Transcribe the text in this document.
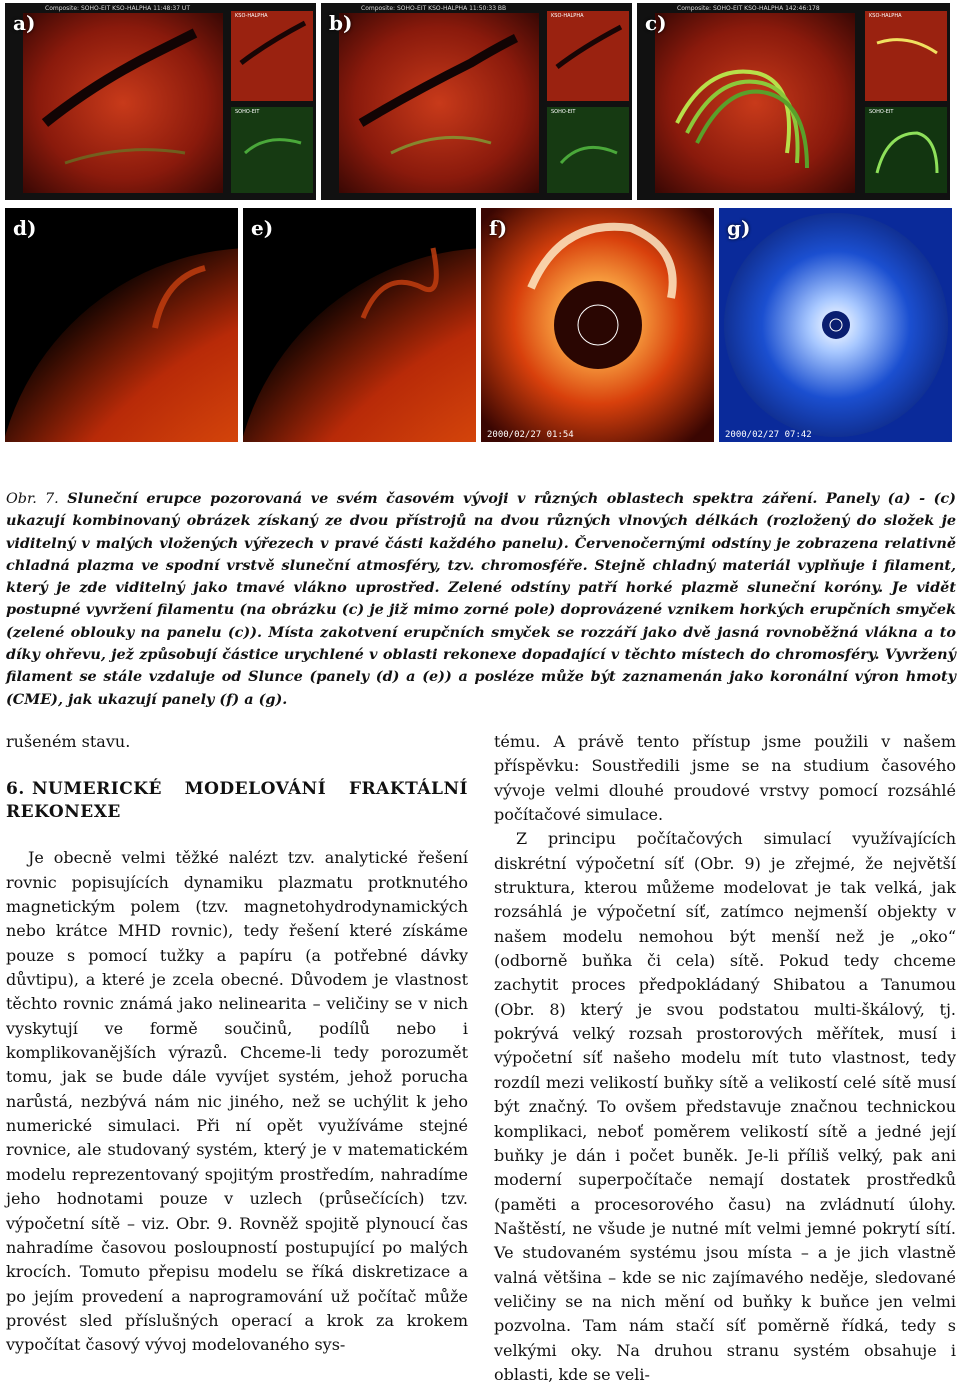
Composite: SOHO-EIT KSO-HALPHA 11:48:37 UT
a)	KSO-HALPHA
SOHO-EIT
Composite: SOHO-EIT KSO-HALPHA 11:50:33 BB
b)	KSO-HALPHA
SOHO-EIT
Composite: SOHO-EIT KSO-HALPHA 142:46:178
c)	KSO-HALPHA
SOHO-EIT
d)	e)	f)
2000/02/27 01:54
g)
2000/02/27 07:42
Obr. 7. Sluneční erupce pozorovaná ve svém časovém vývoji v různých oblastech spektra záření. Panely (a) - (c) ukazují kombinovaný obrázek získaný ze dvou přístrojů na dvou různých vlnových délkách (rozložený do složek je viditelný v malých vložených výřezech v pravé části každého panelu). Červenočernými odstíny je zobrazena relativně chladná plazma ve spodní vrstvě sluneční atmosféry, tzv. chromosféře. Stejně chladný materiál vyplňuje i filament, který je zde viditelný jako tmavé vlákno uprostřed. Zelené odstíny patří horké plazmě sluneční koróny. Je vidět postupné vyvržení filamentu (na obrázku (c) je již mimo zorné pole) doprovázené vznikem horkých erupčních smyček (zelené oblouky na panelu (c)). Místa zakotvení erupčních smyček se rozzáří jako dvě jasná rovnoběžná vlákna a to díky ohřevu, jež způsobují částice urychlené v oblasti rekonexe dopadající v těchto místech do chromosféry. Vyvržený filament se stále vzdaluje od Slunce (panely (d) a (e)) a posléze může být zaznamenán jako koronální výron hmoty (CME), jak ukazují panely (f) a (g).

rušeném stavu.

6. NUMERICKÉ MODELOVÁNÍ FRAKTÁLNÍ REKONEXE

Je obecně velmi těžké nalézt tzv. analytické řešení rovnic popisujících dynamiku plazmatu protknutého magnetickým polem (tzv. magnetohydrodynamických nebo krátce MHD rovnic), tedy řešení které získáme pouze s pomocí tužky a papíru (a potřebné dávky důvtipu), a které je zcela obecné. Důvodem je vlastnost těchto rovnic známá jako nelinearita – veličiny se v nich vyskytují ve formě součinů, podílů nebo i komplikovanějších výrazů. Chceme-li tedy porozumět tomu, jak se bude dále vyvíjet systém, jehož porucha narůstá, nezbývá nám nic jiného, než se uchýlit k jeho numerické simulaci. Při ní opět využíváme stejné rovnice, ale studovaný systém, který je v matematickém modelu reprezentovaný spojitým prostředím, nahradíme jeho hodnotami pouze v uzlech (průsečících) tzv. výpočetní sítě – viz. Obr. 9. Rovněž spojitě plynoucí čas nahradíme časovou posloupností postupující po malých krocích. Tomuto přepisu modelu se říká diskretizace a po jejím provedení a naprogramování už počítač může provést sled příslušných operací a krok za krokem vypočítat časový vývoj modelovaného sys-

tému. A právě tento přístup jsme použili v našem příspěvku: Soustředili jsme se na studium časového vývoje velmi dlouhé proudové vrstvy pomocí rozsáhlé počítačové simulace.

Z principu počítačových simulací využívajících diskrétní výpočetní síť (Obr. 9) je zřejmé, že největší struktura, kterou můžeme modelovat je tak velká, jak rozsáhlá je výpočetní síť, zatímco nejmenší objekty v našem modelu nemohou být menší než je „oko“ (odborně buňka či cela) sítě. Pokud tedy chceme zachytit proces předpokládaný Shibatou a Tanumou (Obr. 8) který je svou podstatou multi-škálový, tj. pokrývá velký rozsah prostorových měřítek, musí i výpočetní síť našeho modelu mít tuto vlastnost, tedy rozdíl mezi velikostí buňky sítě a velikostí celé sítě musí být značný. To ovšem představuje značnou technickou komplikaci, neboť poměrem velikostí sítě a jedné její buňky je dán i počet buněk. Je-li příliš velký, pak ani moderní superpočítače nemají dostatek prostředků (paměti a procesorového času) na zvládnutí úlohy. Naštěstí, ne všude je nutné mít velmi jemné pokrytí sítí. Ve studovaném systému jsou místa – a je jich vlastně valná většina – kde se nic zajímavého neděje, sledované veličiny se na nich mění od buňky k buňce jen velmi pozvolna. Tam nám stačí síť poměrně řídká, tedy s velkými oky. Na druhou stranu systém obsahuje i oblasti, kde se veli-
